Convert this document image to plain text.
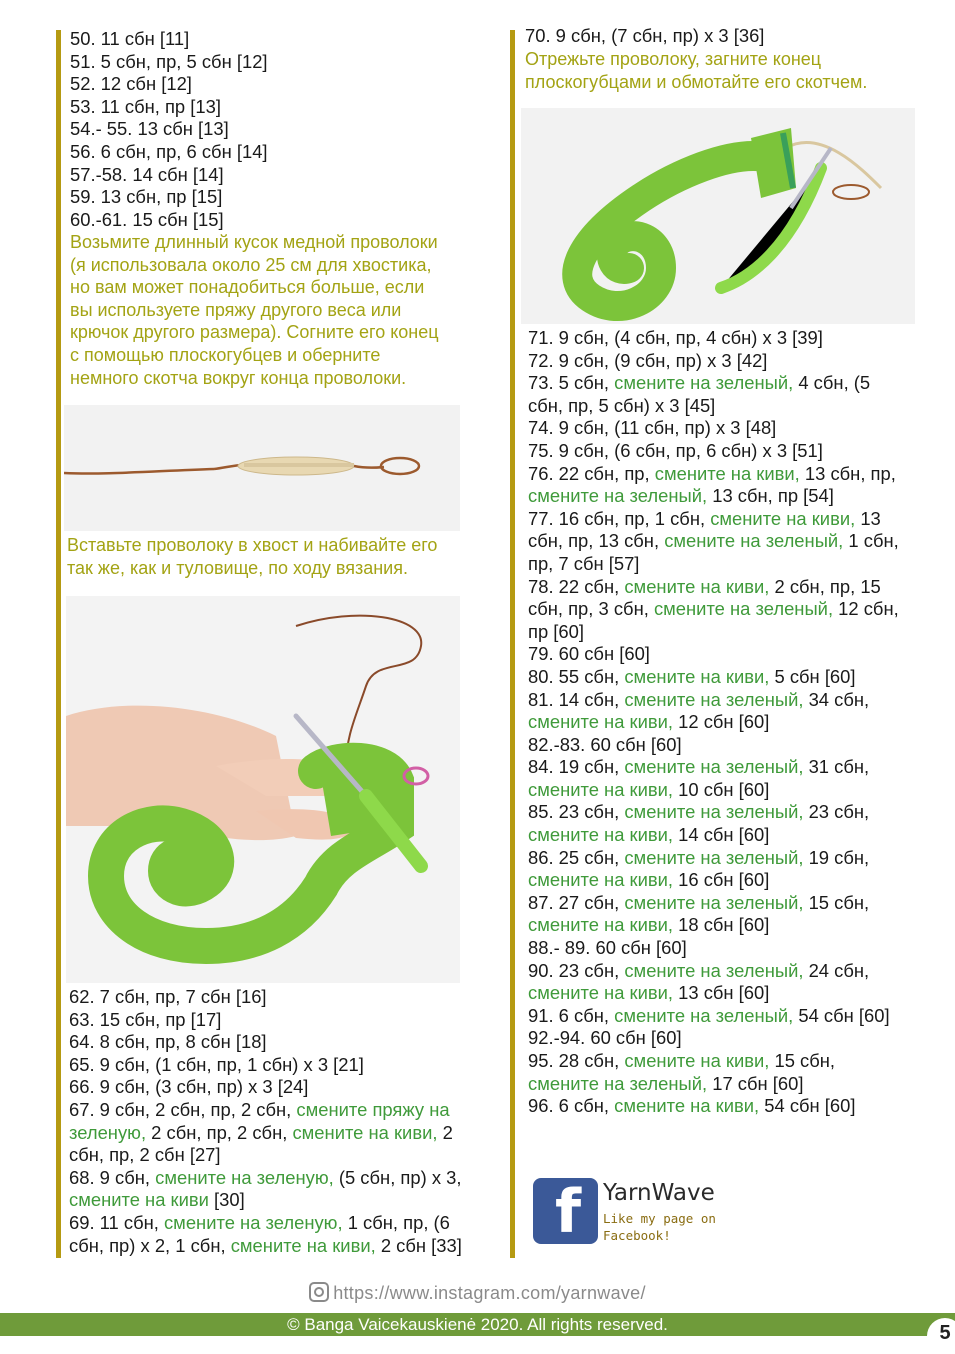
50. 11 сбн [11]
51. 5 сбн, пр, 5 сбн [12]
52. 12 сбн [12]
53. 11 сбн, пр [13]
54.- 55. 13 сбн [13]
56. 6 сбн, пр, 6 сбн [14]
57.-58. 14 сбн [14]
59. 13 сбн, пр [15]
60.-61. 15 сбн [15]
Возьмите длинный кусок медной проволоки
(я использовала около 25 см для хвостика,
но вам может понадобиться больше, если
вы используете пряжу другого веса или
крючок другого размера). Согните его конец
с помощью плоскогубцев и оберните
немного скотча вокруг конца проволоки.
Вставьте проволоку в хвост и набивайте его
так же, как и туловище, по ходу вязания.
62. 7 сбн, пр, 7 сбн [16]
63. 15 сбн, пр [17]
64. 8 сбн, пр, 8 сбн [18]
65. 9 сбн, (1 сбн, пр, 1 сбн) х 3 [21]
66. 9 сбн, (3 сбн, пр) х 3 [24]
67. 9 сбн, 2 сбн, пр, 2 сбн, смените пряжу на
зеленую, 2 сбн, пр, 2 сбн, смените на киви, 2
сбн, пр, 2 сбн [27]
68. 9 сбн, смените на зеленую, (5 сбн, пр) х 3,
смените на киви [30]
69. 11 сбн, смените на зеленую, 1 сбн, пр, (6
сбн, пр) х 2, 1 сбн, смените на киви, 2 сбн [33]
70. 9 сбн, (7 сбн, пр) х 3 [36]
Отрежьте проволоку, загните конец
плоскогубцами и обмотайте его скотчем.
71. 9 сбн, (4 сбн, пр, 4 сбн) х 3 [39]
72. 9 сбн, (9 сбн, пр) х 3 [42]
73. 5 сбн, смените на зеленый, 4 сбн, (5
сбн, пр, 5 сбн) х 3 [45]
74. 9 сбн, (11 сбн, пр) х 3 [48]
75. 9 сбн, (6 сбн, пр, 6 сбн) х 3 [51]
76. 22 сбн, пр, смените на киви, 13 сбн, пр,
смените на зеленый, 13 сбн, пр [54]
77. 16 сбн, пр, 1 сбн, смените на киви, 13
сбн, пр, 13 сбн, смените на зеленый, 1 сбн,
пр, 7 сбн [57]
78. 22 сбн, смените на киви, 2 сбн, пр, 15
сбн, пр, 3 сбн, смените на зеленый, 12 сбн,
пр [60]
79. 60 сбн [60]
80. 55 сбн, смените на киви, 5 сбн [60]
81. 14 сбн, смените на зеленый, 34 сбн,
смените на киви, 12 сбн [60]
82.-83. 60 сбн [60]
84. 19 сбн, смените на зеленый, 31 сбн,
смените на киви, 10 сбн [60]
85. 23 сбн, смените на зеленый, 23 сбн,
смените на киви, 14 сбн [60]
86. 25 сбн, смените на зеленый, 19 сбн,
смените на киви, 16 сбн [60]
87. 27 сбн, смените на зеленый, 15 сбн,
смените на киви, 18 сбн [60]
88.- 89. 60 сбн [60]
90. 23 сбн, смените на зеленый, 24 сбн,
смените на киви, 13 сбн [60]
91. 6 сбн, смените на зеленый, 54 сбн [60]
92.-94. 60 сбн [60]
95. 28 сбн, смените на киви, 15 сбн,
смените на зеленый, 17 сбн [60]
96. 6 сбн, смените на киви, 54 сбн [60]
f YarnWave
Like my page on
Facebook!
https://www.instagram.com/yarnwave/
© Banga Vaicekauskienė 2020. All rights reserved.	5
